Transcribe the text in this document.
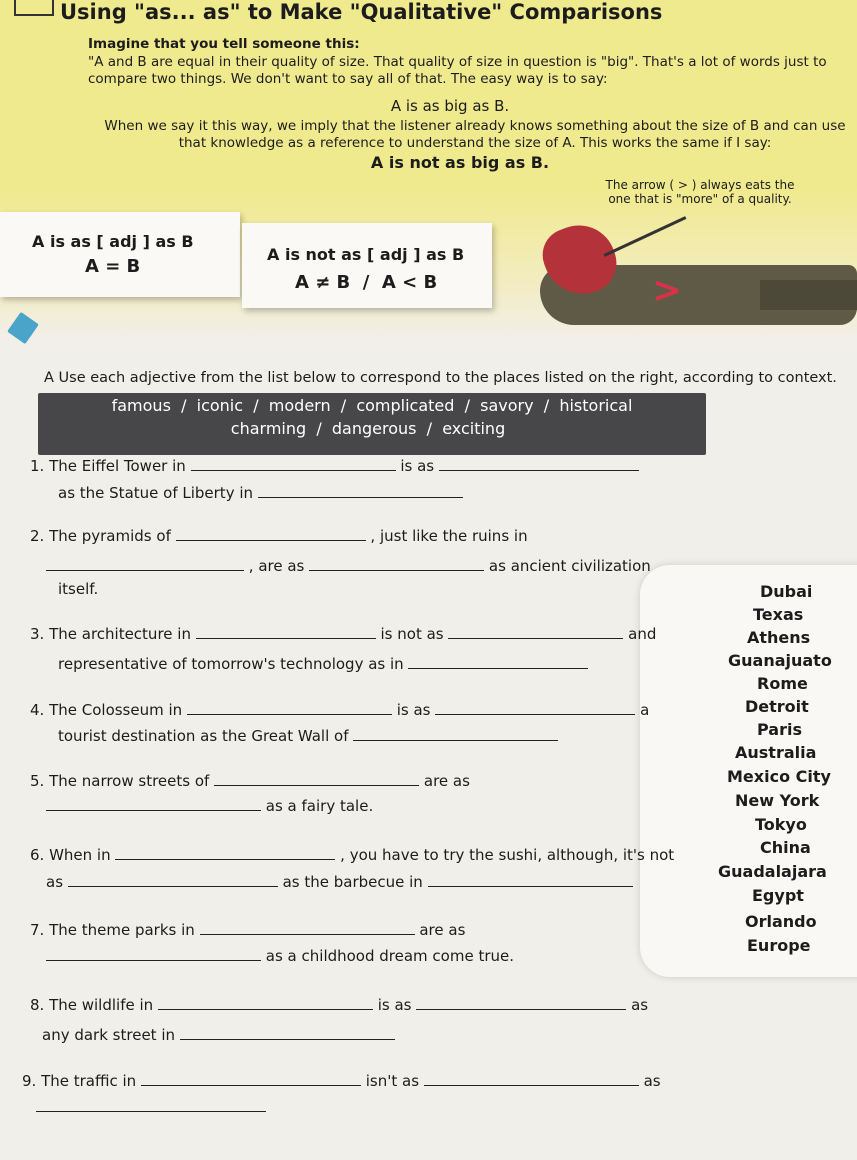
Using "as... as" to Make "Qualitative" Comparisons
Imagine that you tell someone this:
"A and B are equal in their quality of size. That quality of size in question is "big". That's a lot of words just to compare two things. We don't want to say all of that. The easy way is to say:
A is as big as B.
When we say it this way, we imply that the listener already knows something about the size of B and can use that knowledge as a reference to understand the size of A. This works the same if I say:
A is not as big as B.
The arrow ( > ) always eats the one that is "more" of a quality.
A is as [ adj ] as B
A = B
A is not as [ adj ] as B
A ≠ B  /  A < B	>
A Use each adjective from the list below to correspond to the places listed on the right, according to context.
famous  /  iconic  /  modern  /  complicated  /  savory  /  historical
charming  /  dangerous  /  exciting
Dubai
Texas
Athens
Guanajuato
Rome
Detroit
Paris
Australia
Mexico City
New York
Tokyo
China
Guadalajara
Egypt
Orlando
Europe
1. The Eiffel Tower in	is as
as the Statue of Liberty in
2. The pyramids of	, just like the ruins in
, are as	as ancient civilization
itself.
3. The architecture in	is not as	and
representative of tomorrow's technology as in
4. The Colosseum in	is as	a
tourist destination as the Great Wall of
5. The narrow streets of	are as
as a fairy tale.
6. When in	, you have to try the sushi, although, it's not
as	as the barbecue in
7. The theme parks in	are as
as a childhood dream come true.
8. The wildlife in	is as	as
any dark street in
9. The traffic in	isn't as	as
